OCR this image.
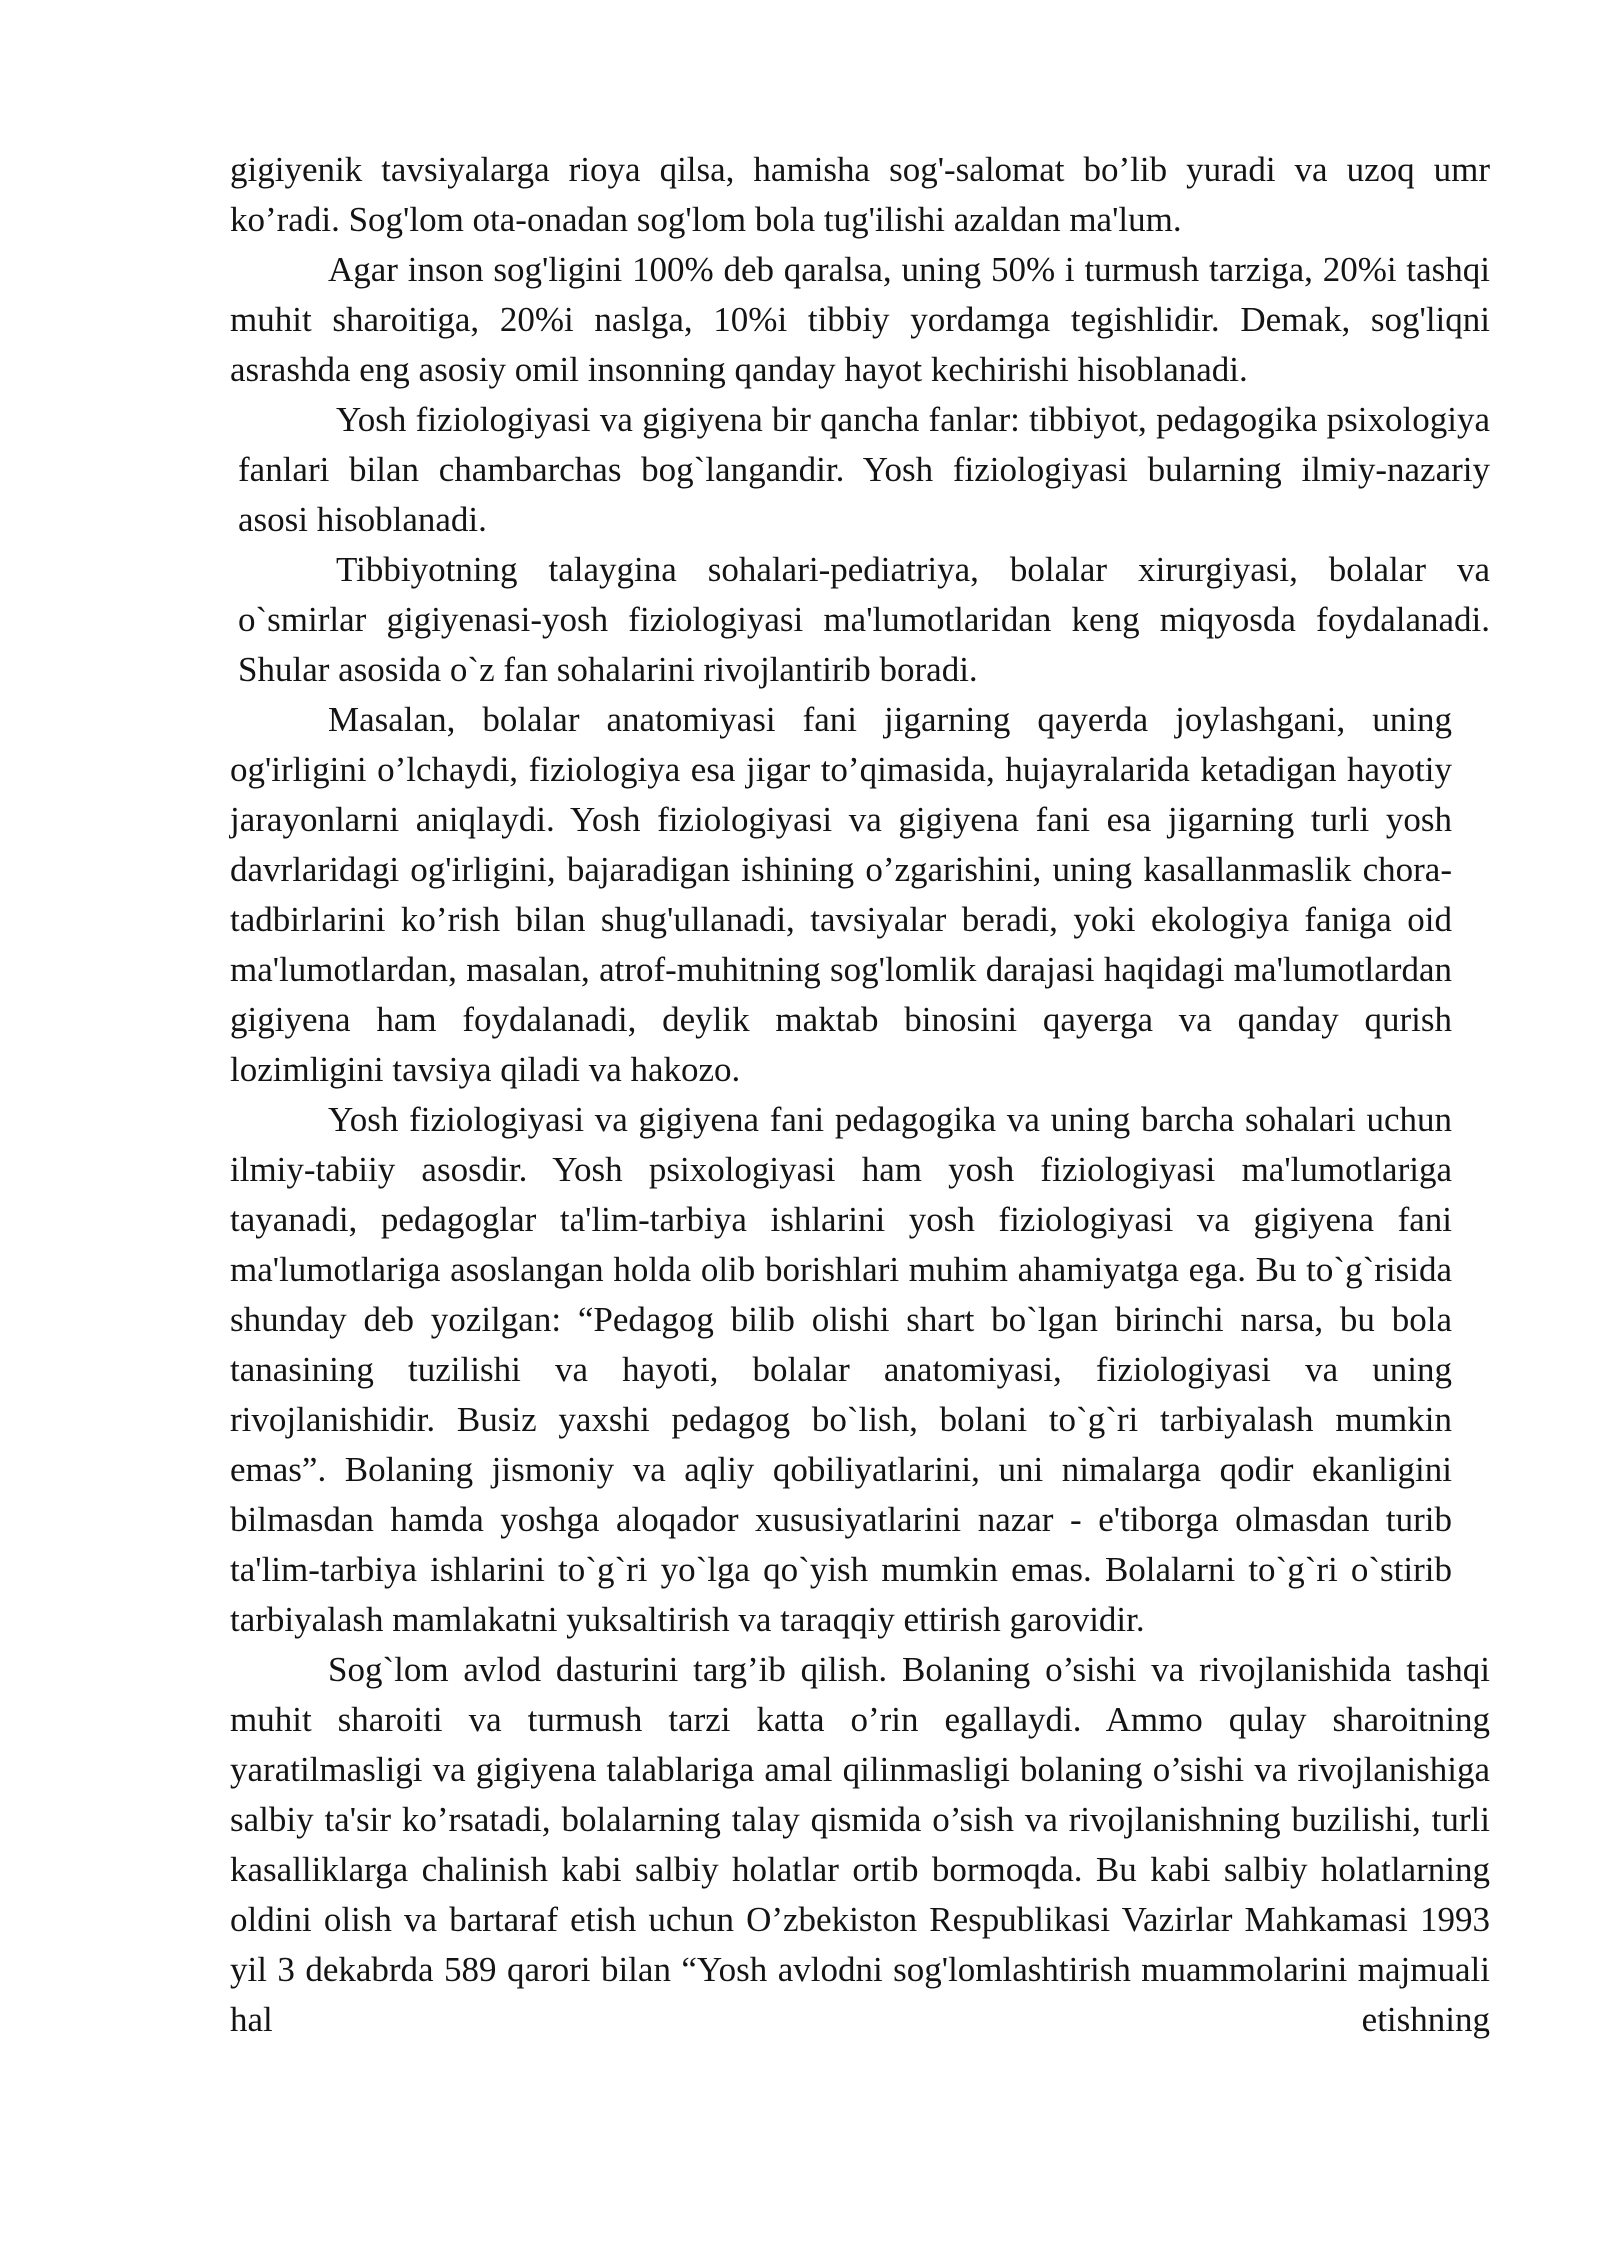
gigiyenik tavsiyalarga rioya qilsa, hamisha sog'-salomat bo’lib yuradi va uzoq umr ko’radi. Sog'lom ota-onadan sog'lom bola tug'ilishi azaldan ma'lum.

Agar inson sog'ligini 100% deb qaralsa, uning 50% i turmush tarziga, 20%i tashqi muhit sharoitiga, 20%i naslga, 10%i tibbiy yordamga tegishlidir. Demak, sog'liqni asrashda eng asosiy omil insonning qanday hayot kechirishi hisoblanadi.

Yosh fiziologiyasi va gigiyena bir qancha fanlar: tibbiyot, pedagogika psixologiya fanlari bilan chambarchas bog`langandir. Yosh fiziologiyasi bularning ilmiy-nazariy asosi hisoblanadi.

Tibbiyotning talaygina sohalari-pediatriya, bolalar xirurgiyasi, bolalar va o`smirlar gigiyenasi-yosh fiziologiyasi ma'lumotlaridan keng miqyosda foydalanadi. Shular asosida o`z fan sohalarini rivojlantirib boradi.

Masalan, bolalar anatomiyasi fani jigarning qayerda joylashgani, uning og'irligini o’lchaydi, fiziologiya esa jigar to’qimasida, hujayralarida ketadigan hayotiy jarayonlarni aniqlaydi. Yosh fiziologiyasi va gigiyena fani esa jigarning turli yosh davrlaridagi og'irligini, bajaradigan ishining o’zgarishini, uning kasallanmaslik chora-tadbirlarini ko’rish bilan shug'ullanadi, tavsiyalar beradi, yoki ekologiya faniga oid ma'lumotlardan, masalan, atrof-muhitning sog'lomlik darajasi haqidagi ma'lumotlardan gigiyena ham foydalanadi, deylik maktab binosini qayerga va qanday qurish lozimligini tavsiya qiladi va hakozo.

Yosh fiziologiyasi va gigiyena fani pedagogika va uning barcha sohalari uchun ilmiy-tabiiy asosdir. Yosh psixologiyasi ham yosh fiziologiyasi ma'lumotlariga tayanadi, pedagoglar ta'lim-tarbiya ishlarini yosh fiziologiyasi va gigiyena fani ma'lumotlariga asoslangan holda olib borishlari muhim ahamiyatga ega. Bu to`g`risida shunday deb yozilgan: “Pedagog bilib olishi shart bo`lgan birinchi narsa, bu bola tanasining tuzilishi va hayoti, bolalar anatomiyasi, fiziologiyasi va uning rivojlanishidir. Busiz yaxshi pedagog bo`lish, bolani to`g`ri tarbiyalash mumkin emas”. Bolaning jismoniy va aqliy qobiliyatlarini, uni nimalarga qodir ekanligini bilmasdan hamda yoshga aloqador xususiyatlarini nazar - e'tiborga olmasdan turib ta'lim-tarbiya ishlarini to`g`ri yo`lga qo`yish mumkin emas. Bolalarni to`g`ri o`stirib tarbiyalash mamlakatni yuksaltirish va taraqqiy ettirish garovidir.

Sog`lom avlod dasturini targ’ib qilish. Bolaning o’sishi va rivojlanishida tashqi muhit sharoiti va turmush tarzi katta o’rin egallaydi. Ammo qulay sharoitning yaratilmasligi va gigiyena talablariga amal qilinmasligi bolaning o’sishi va rivojlanishiga salbiy ta'sir ko’rsatadi, bolalarning talay qismida o’sish va rivojlanishning buzilishi, turli kasalliklarga chalinish kabi salbiy holatlar ortib bormoqda. Bu kabi salbiy holatlarning oldini olish va bartaraf etish uchun O’zbekiston Respublikasi Vazirlar Mahkamasi 1993 yil 3 dekabrda 589 qarori bilan “Yosh avlodni sog'lomlashtirish muammolarini majmuali hal etishning
